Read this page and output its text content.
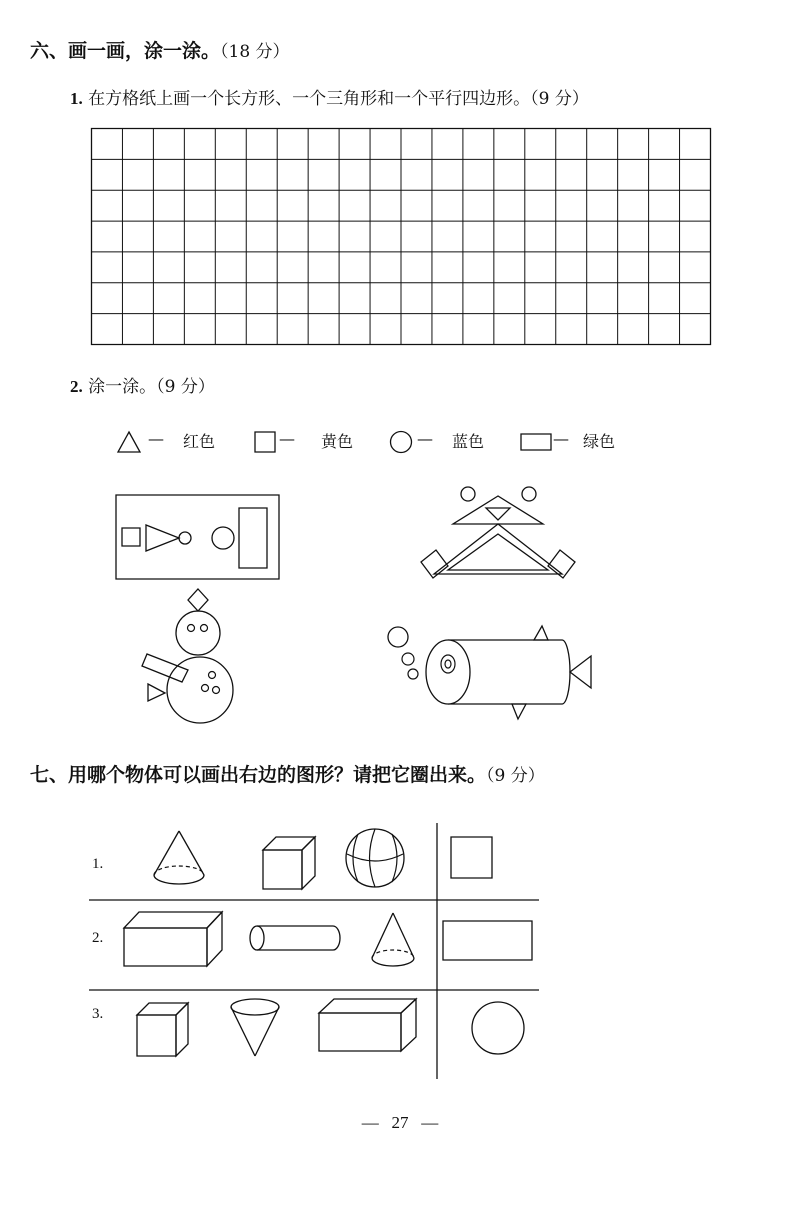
六、画一画，涂一涂。（18 分）
1. 在方格纸上画一个长方形、一个三角形和一个平行四边形。（9 分）
2. 涂一涂。（9 分）
— 红色	— 黄色	— 蓝色	— 绿色
七、用哪个物体可以画出右边的图形？请把它圈出来。（9 分）
1.
2.
3.
— 27 —
